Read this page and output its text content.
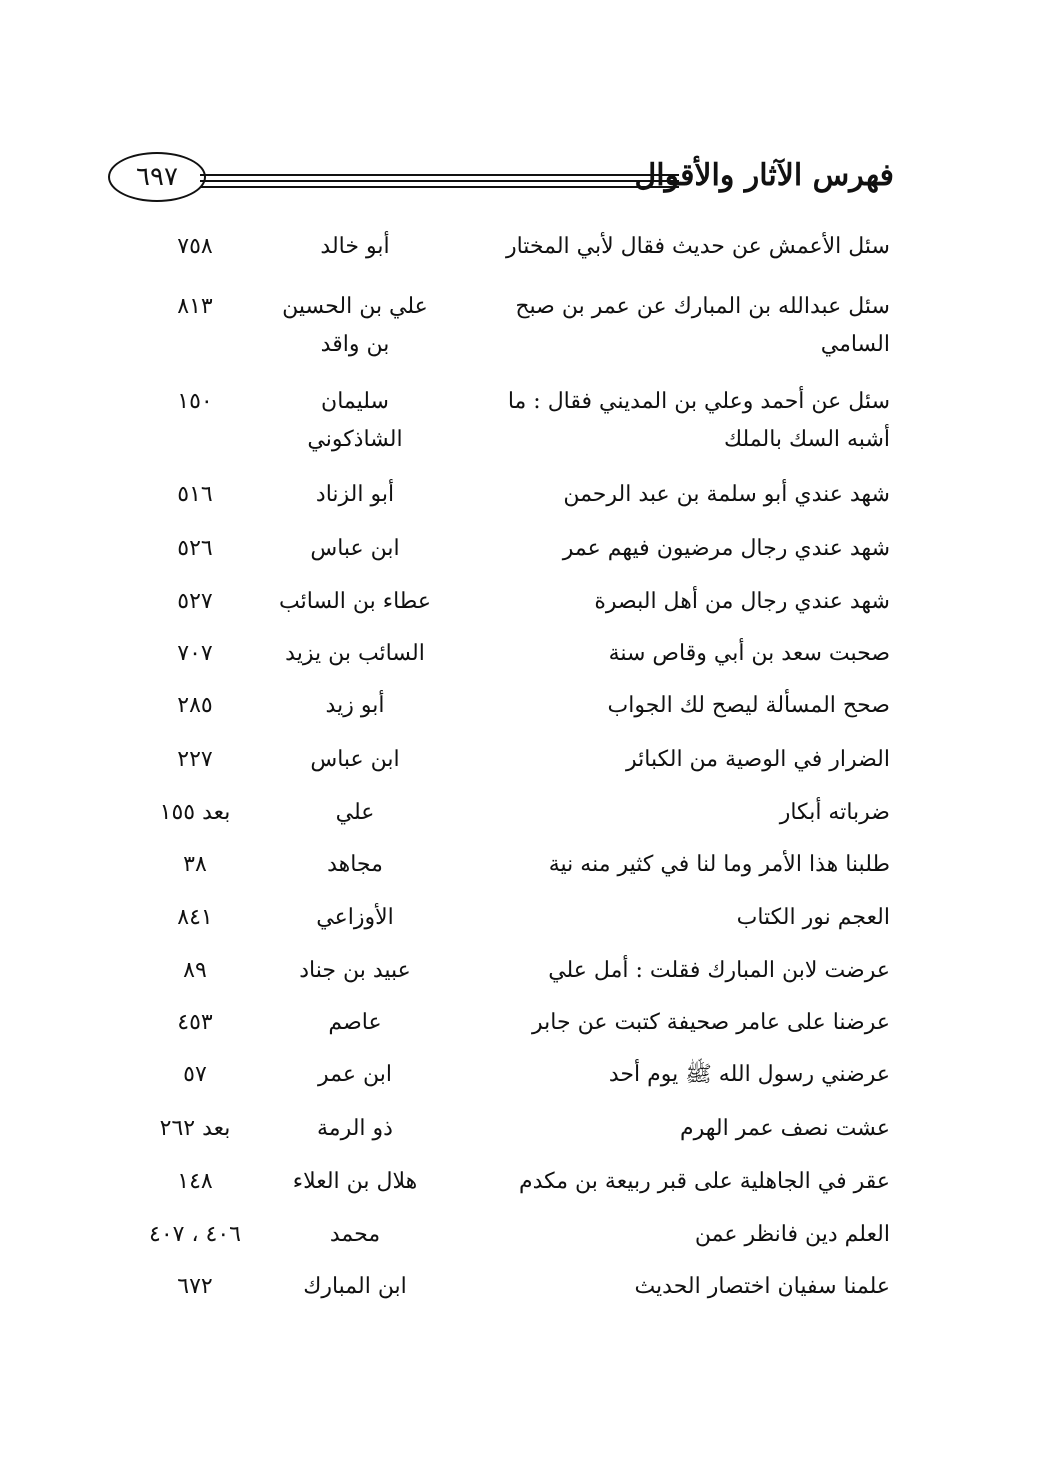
فهرس الآثار والأقوال
٦٩٧
سئل الأعمش عن حديث فقال لأبي المختار
أبو خالد
٧٥٨
سئل عبدالله بن المبارك عن عمر بن صبح السامي
علي بن الحسين بن واقد
٨١٣
سئل عن أحمد وعلي بن المديني فقال : ما أشبه السك بالملك
سليمان الشاذكوني
١٥٠
شهد عندي أبو سلمة بن عبد الرحمن
أبو الزناد
٥١٦
شهد عندي رجال مرضيون فيهم عمر
ابن عباس
٥٢٦
شهد عندي رجال من أهل البصرة
عطاء بن السائب
٥٢٧
صحبت سعد بن أبي وقاص سنة
السائب بن يزيد
٧٠٧
صحح المسألة ليصح لك الجواب
أبو زيد
٢٨٥
الضرار في الوصية من الكبائر
ابن عباس
٢٢٧
ضرباته أبكار
علي
بعد ١٥٥
طلبنا هذا الأمر وما لنا في كثير منه نية
مجاهد
٣٨
العجم نور الكتاب
الأوزاعي
٨٤١
عرضت لابن المبارك فقلت : أمل علي
عبيد بن جناد
٨٩
عرضنا على عامر صحيفة كتبت عن جابر
عاصم
٤٥٣
عرضني رسول الله ﷺ يوم أحد
ابن عمر
٥٧
عشت نصف عمر الهرم
ذو الرمة
بعد ٢٦٢
عقر في الجاهلية على قبر ربيعة بن مكدم
هلال بن العلاء
١٤٨
العلم دين فانظر عمن
محمد
٤٠٦ ، ٤٠٧
علمنا سفيان اختصار الحديث
ابن المبارك
٦٧٢
